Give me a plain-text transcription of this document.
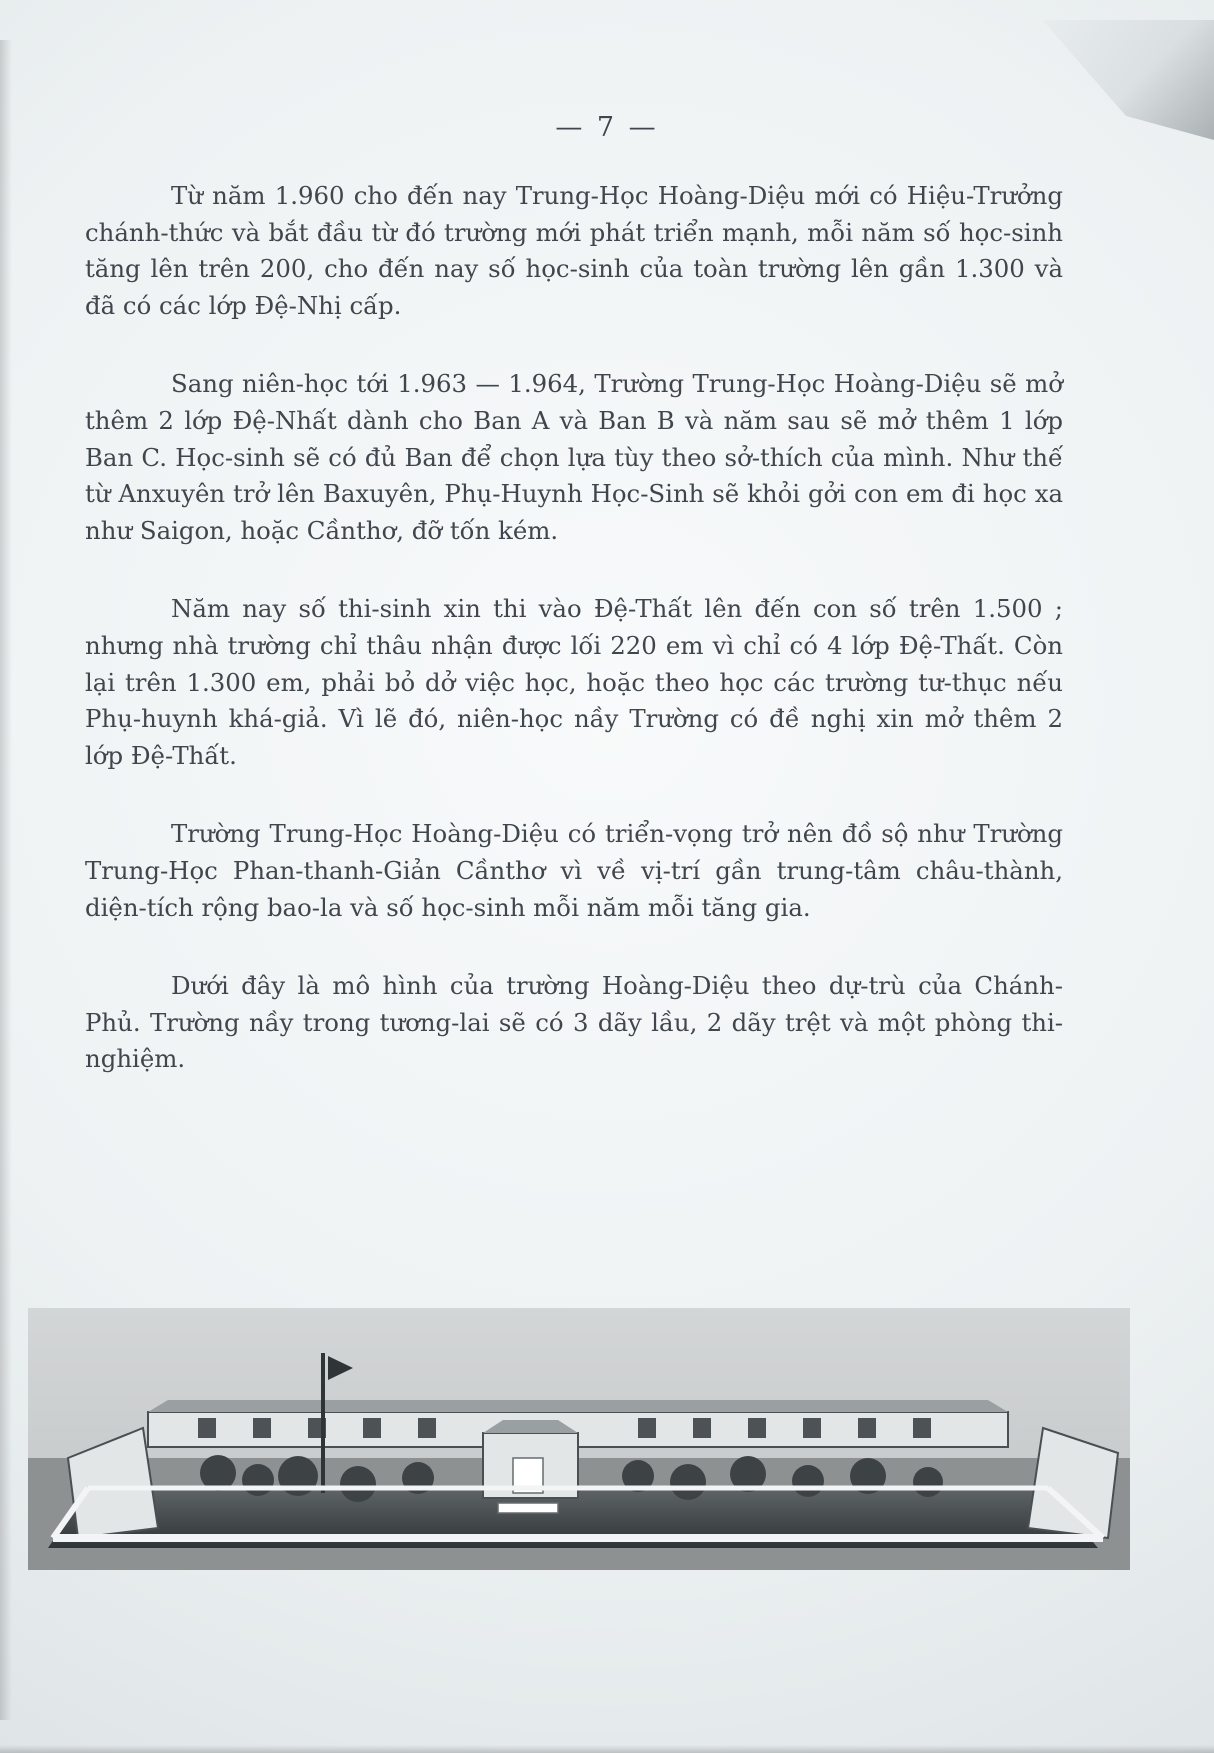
— 7 —

Từ năm 1.960 cho đến nay Trung-Học Hoàng-Diệu mới có Hiệu-Trưởng chánh-thức và bắt đầu từ đó trường mới phát triển mạnh, mỗi năm số học-sinh tăng lên trên 200, cho đến nay số học-sinh của toàn trường lên gần 1.300 và đã có các lớp Đệ-Nhị cấp.

Sang niên-học tới 1.963 — 1.964, Trường Trung-Học Hoàng-Diệu sẽ mở thêm 2 lớp Đệ-Nhất dành cho Ban A và Ban B và năm sau sẽ mở thêm 1 lớp Ban C. Học-sinh sẽ có đủ Ban để chọn lựa tùy theo sở-thích của mình. Như thế từ Anxuyên trở lên Baxuyên, Phụ-Huynh Học-Sinh sẽ khỏi gởi con em đi học xa như Saigon, hoặc Cầnthơ, đỡ tốn kém.

Năm nay số thi-sinh xin thi vào Đệ-Thất lên đến con số trên 1.500 ; nhưng nhà trường chỉ thâu nhận được lối 220 em vì chỉ có 4 lớp Đệ-Thất. Còn lại trên 1.300 em, phải bỏ dở việc học, hoặc theo học các trường tư-thục nếu Phụ-huynh khá-giả. Vì lẽ đó, niên-học nầy Trường có đề nghị xin mở thêm 2 lớp Đệ-Thất.

Trường Trung-Học Hoàng-Diệu có triển-vọng trở nên đồ sộ như Trường Trung-Học Phan-thanh-Giản Cầnthơ vì về vị-trí gần trung-tâm châu-thành, diện-tích rộng bao-la và số học-sinh mỗi năm mỗi tăng gia.

Dưới đây là mô hình của trường Hoàng-Diệu theo dự-trù của Chánh-Phủ. Trường nầy trong tương-lai sẽ có 3 dãy lầu, 2 dãy trệt và một phòng thi-nghiệm.
